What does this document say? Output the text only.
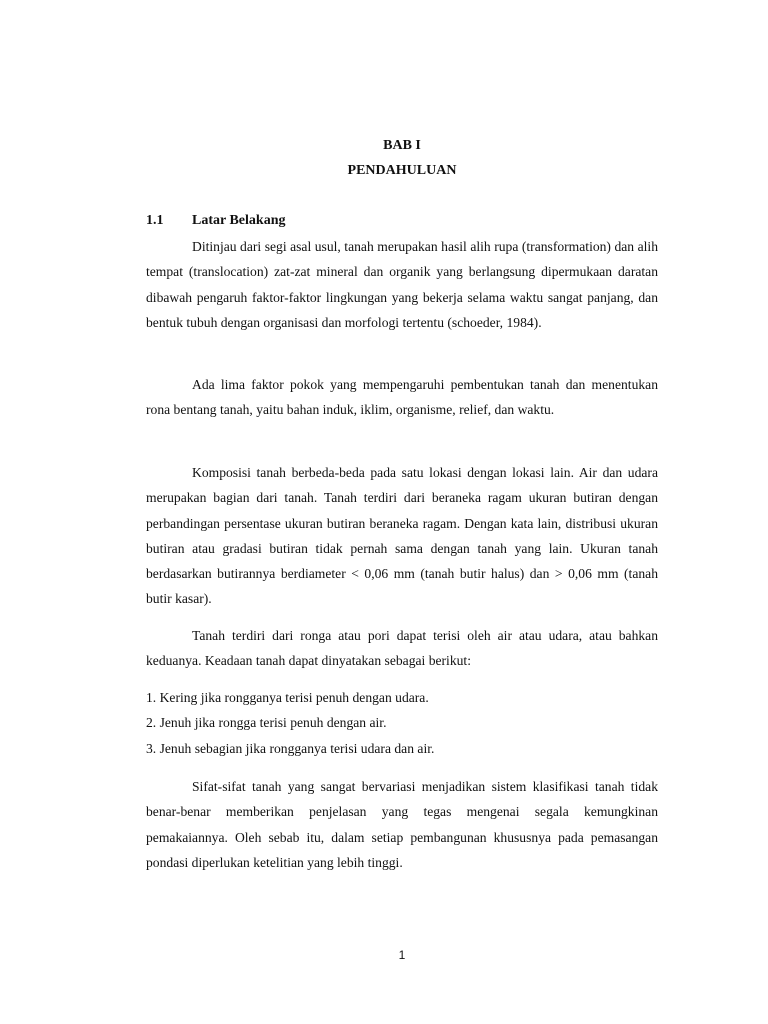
BAB I
PENDAHULUAN
1.1 Latar Belakang

Ditinjau dari segi asal usul, tanah merupakan hasil alih rupa (transformation) dan alih tempat (translocation) zat-zat mineral dan organik yang berlangsung dipermukaan daratan dibawah pengaruh faktor-faktor lingkungan yang bekerja selama waktu sangat panjang, dan bentuk tubuh dengan organisasi dan morfologi tertentu (schoeder, 1984).

Ada lima faktor pokok yang mempengaruhi pembentukan tanah dan menentukan rona bentang tanah, yaitu bahan induk, iklim, organisme, relief, dan waktu.

Komposisi tanah berbeda-beda pada satu lokasi dengan lokasi lain. Air dan udara merupakan bagian dari tanah. Tanah terdiri dari beraneka ragam ukuran butiran dengan perbandingan persentase ukuran butiran beraneka ragam. Dengan kata lain, distribusi ukuran butiran atau gradasi butiran tidak pernah sama dengan tanah yang lain. Ukuran tanah berdasarkan butirannya berdiameter < 0,06 mm (tanah butir halus) dan > 0,06 mm (tanah butir kasar).

Tanah terdiri dari ronga atau pori dapat terisi oleh air atau udara, atau bahkan keduanya. Keadaan tanah dapat dinyatakan sebagai berikut:

1. Kering jika rongganya terisi penuh dengan udara.
2. Jenuh jika rongga terisi penuh dengan air.
3. Jenuh sebagian jika rongganya terisi udara dan air.

Sifat-sifat tanah yang sangat bervariasi menjadikan sistem klasifikasi tanah tidak benar-benar memberikan penjelasan yang tegas mengenai segala kemungkinan pemakaiannya. Oleh sebab itu, dalam setiap pembangunan khususnya pada pemasangan pondasi diperlukan ketelitian yang lebih tinggi.

1
